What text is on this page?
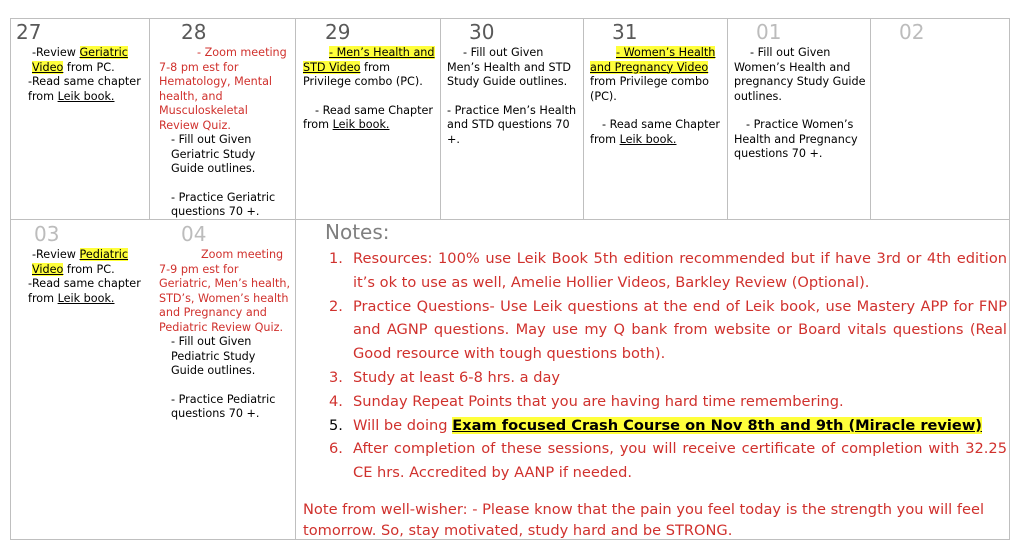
27
-Review Geriatric Video from PC.
-Read same chapter from Leik book.
28
- Zoom meeting 7-8 pm est for Hematology, Mental health, and Musculoskeletal Review Quiz.
- Fill out Given Geriatric Study Guide outlines.
- Practice Geriatric questions 70 +.
29
- Men’s Health and STD Video from Privilege combo (PC).
- Read same Chapter from Leik book.
30
- Fill out Given Men’s Health and STD Study Guide outlines.
- Practice Men’s Health and STD questions 70 +.
31
- Women’s Health and Pregnancy Video from Privilege combo (PC).
- Read same Chapter from Leik book.
01
- Fill out Given Women’s Health and pregnancy Study Guide outlines.
- Practice Women’s Health and Pregnancy questions 70 +.
02
03
-Review Pediatric Video from PC.
-Read same chapter from Leik book.
04
Zoom meeting 7-9 pm est for Geriatric, Men’s health, STD’s, Women’s health and Pregnancy and Pediatric Review Quiz.
- Fill out Given Pediatric Study Guide outlines.
- Practice Pediatric questions 70 +.
Notes:
1. Resources: 100% use Leik Book 5th edition recommended but if have 3rd or 4th edition it’s ok to use as well, Amelie Hollier Videos, Barkley Review (Optional).
2. Practice Questions- Use Leik questions at the end of Leik book, use Mastery APP for FNP and AGNP questions. May use my Q bank from website or Board vitals questions (Real Good resource with tough questions both).
3. Study at least 6-8 hrs. a day
4. Sunday Repeat Points that you are having hard time remembering.
5. Will be doing Exam focused Crash Course on Nov 8th and 9th (Miracle review)
6. After completion of these sessions, you will receive certificate of completion with 32.25 CE hrs. Accredited by AANP if needed.
Note from well-wisher: - Please know that the pain you feel today is the strength you will feel tomorrow. So, stay motivated, study hard and be STRONG.
